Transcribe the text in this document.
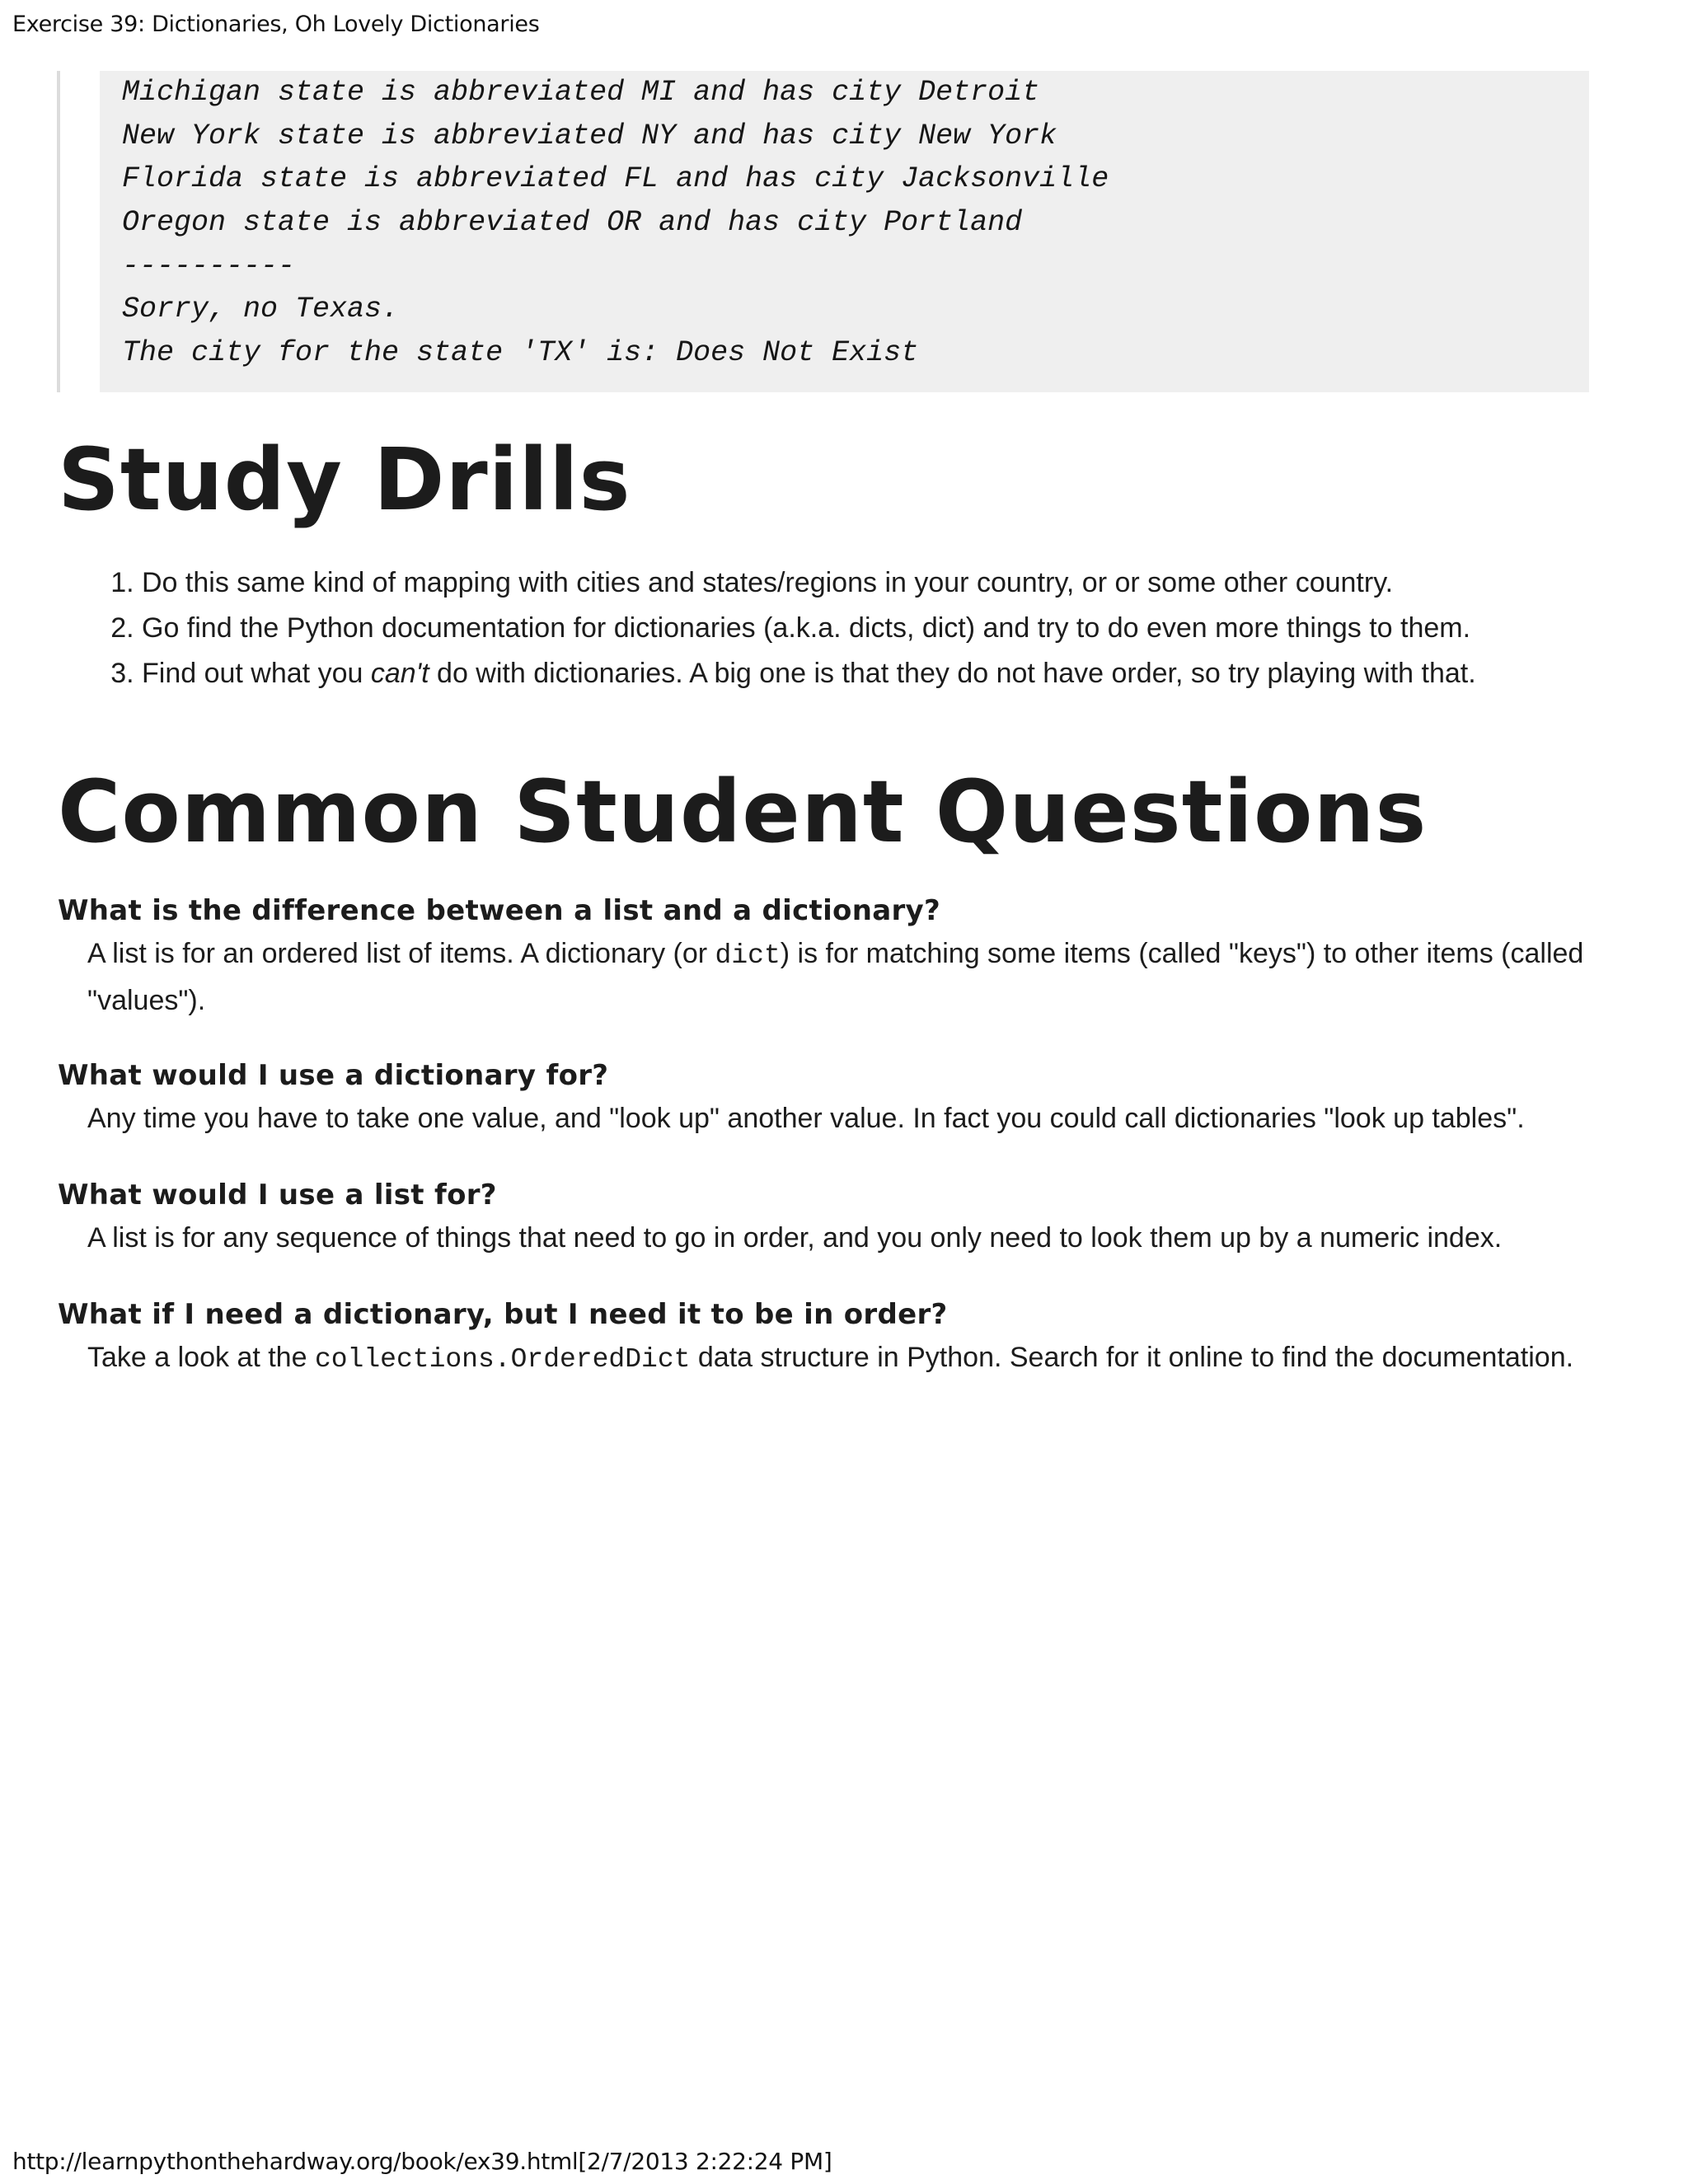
Exercise 39: Dictionaries, Oh Lovely Dictionaries
Michigan state is abbreviated MI and has city Detroit
New York state is abbreviated NY and has city New York
Florida state is abbreviated FL and has city Jacksonville
Oregon state is abbreviated OR and has city Portland
----------
Sorry, no Texas.
The city for the state 'TX' is: Does Not Exist
Study Drills
1. Do this same kind of mapping with cities and states/regions in your country, or or some other country.
2. Go find the Python documentation for dictionaries (a.k.a. dicts, dict) and try to do even more things to them.
3. Find out what you can't do with dictionaries. A big one is that they do not have order, so try playing with that.
Common Student Questions
What is the difference between a list and a dictionary?

A list is for an ordered list of items. A dictionary (or dict) is for matching some items (called "keys") to other items (called "values").

What would I use a dictionary for?

Any time you have to take one value, and "look up" another value. In fact you could call dictionaries "look up tables".

What would I use a list for?

A list is for any sequence of things that need to go in order, and you only need to look them up by a numeric index.

What if I need a dictionary, but I need it to be in order?

Take a look at the collections.OrderedDict data structure in Python. Search for it online to find the documentation.

http://learnpythonthehardway.org/book/ex39.html[2/7/2013 2:22:24 PM]
